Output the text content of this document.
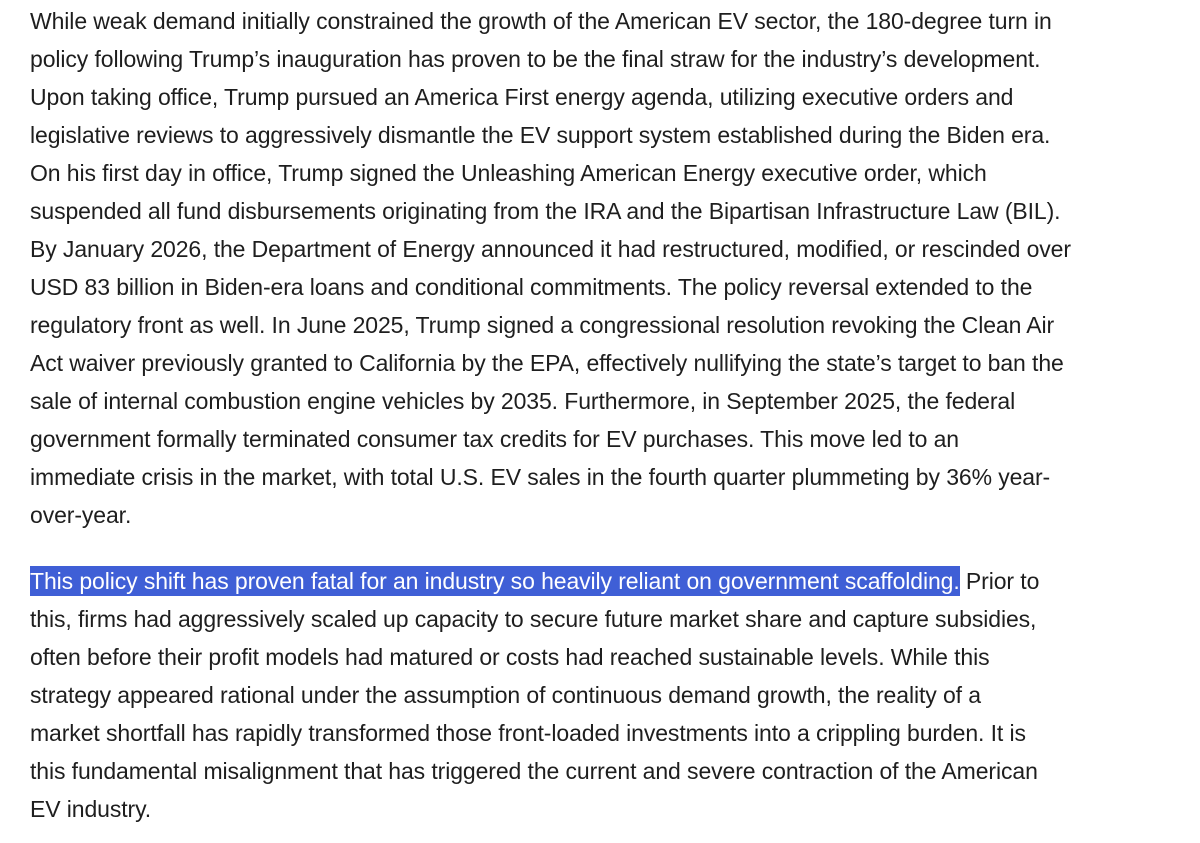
While weak demand initially constrained the growth of the American EV sector, the 180-degree turn in
policy following Trump’s inauguration has proven to be the final straw for the industry’s development.
Upon taking office, Trump pursued an America First energy agenda, utilizing executive orders and
legislative reviews to aggressively dismantle the EV support system established during the Biden era.
On his first day in office, Trump signed the Unleashing American Energy executive order, which
suspended all fund disbursements originating from the IRA and the Bipartisan Infrastructure Law (BIL).
By January 2026, the Department of Energy announced it had restructured, modified, or rescinded over
USD 83 billion in Biden-era loans and conditional commitments. The policy reversal extended to the
regulatory front as well. In June 2025, Trump signed a congressional resolution revoking the Clean Air
Act waiver previously granted to California by the EPA, effectively nullifying the state’s target to ban the
sale of internal combustion engine vehicles by 2035. Furthermore, in September 2025, the federal
government formally terminated consumer tax credits for EV purchases. This move led to an
immediate crisis in the market, with total U.S. EV sales in the fourth quarter plummeting by 36% year-
over-year.
This policy shift has proven fatal for an industry so heavily reliant on government scaffolding. Prior to
this, firms had aggressively scaled up capacity to secure future market share and capture subsidies,
often before their profit models had matured or costs had reached sustainable levels. While this
strategy appeared rational under the assumption of continuous demand growth, the reality of a
market shortfall has rapidly transformed those front-loaded investments into a crippling burden. It is
this fundamental misalignment that has triggered the current and severe contraction of the American
EV industry.
